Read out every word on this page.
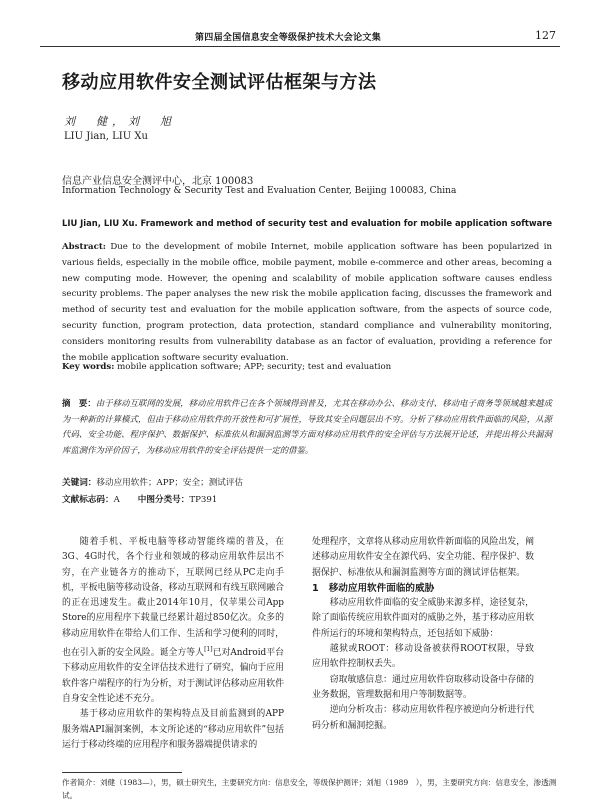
第四届全国信息安全等级保护技术大会论文集	127
移动应用软件安全测试评估框架与方法
刘　健，刘　旭
LIU Jian, LIU Xu
信息产业信息安全测评中心，北京 100083
Information Technology & Security Test and Evaluation Center, Beijing 100083, China
LIU Jian, LIU Xu. Framework and method of security test and evaluation for mobile application software
Abstract: Due to the development of mobile Internet, mobile application software has been popularized in various fields, especially in the mobile office, mobile payment, mobile e-commerce and other areas, becoming a new computing mode. However, the opening and scalability of mobile application software causes endless security problems. The paper analyses the new risk the mobile application facing, discusses the framework and method of security test and evaluation for the mobile application software, from the aspects of source code, security function, program protection, data protection, standard compliance and vulnerability monitoring, considers monitoring results from vulnerability database as an factor of evaluation, providing a reference for the mobile application software security evaluation.
Key words: mobile application software; APP; security; test and evaluation
摘　要：由于移动互联网的发展，移动应用软件已在各个领域得到普及，尤其在移动办公、移动支付、移动电子商务等领域越来越成为一种新的计算模式，但由于移动应用软件的开放性和可扩展性，导致其安全问题层出不穷。分析了移动应用软件面临的风险，从源代码、安全功能、程序保护、数据保护、标准依从和漏洞监测等方面对移动应用软件的安全评估与方法展开论述，并提出将公共漏洞库监测作为评价因子，为移动应用软件的安全评估提供一定的借鉴。
关键词：移动应用软件；APP；安全；测试评估
文献标志码：A 中图分类号：TP391

随着手机、平板电脑等移动智能终端的普及，在3G、4G时代，各个行业和领域的移动应用软件层出不穷，在产业链各方的推动下，互联网已经从PC走向手机，平板电脑等移动设备，移动互联网和有线互联网融合的正在迅速发生。截止2014年10月，仅苹果公司App Store的应用程序下载量已经累计超过850亿次。众多的移动应用软件在带给人们工作、生活和学习便利的同时，也在引入新的安全风险。诞全方等人[1]已对Android平台下移动应用软件的安全评估技术进行了研究，偏向于应用软件客户端程序的行为分析，对于测试评估移动应用软件自身安全性论述不充分。

基于移动应用软件的架构特点及目前监测到的APP服务端API漏洞案例，本文所论述的“移动应用软件”包括运行于移动终端的应用程序和服务器端提供请求的

处理程序，文章将从移动应用软件新面临的风险出发，阐述移动应用软件安全在源代码、安全功能、程序保护、数据保护、标准依从和漏洞监测等方面的测试评估框架。

1 移动应用软件面临的威胁

移动应用软件面临的安全威胁来源多样，途径复杂，除了面临传统应用软件面对的威胁之外，基于移动应用软件所运行的环境和架构特点，还包括如下威胁：

越狱或ROOT：移动设备被获得ROOT权限，导致应用软件控制权丢失。

窃取敏感信息：通过应用软件窃取移动设备中存储的业务数据，管理数据和用户等制数据等。

逆向分析攻击：移动应用软件程序被逆向分析进行代码分析和漏洞挖掘。

作者简介：刘健（1983—），男，硕士研究生，主要研究方向：信息安全，等级保护测评；刘旭（1989　），男，主要研究方向：信息安全，渗透测试。
